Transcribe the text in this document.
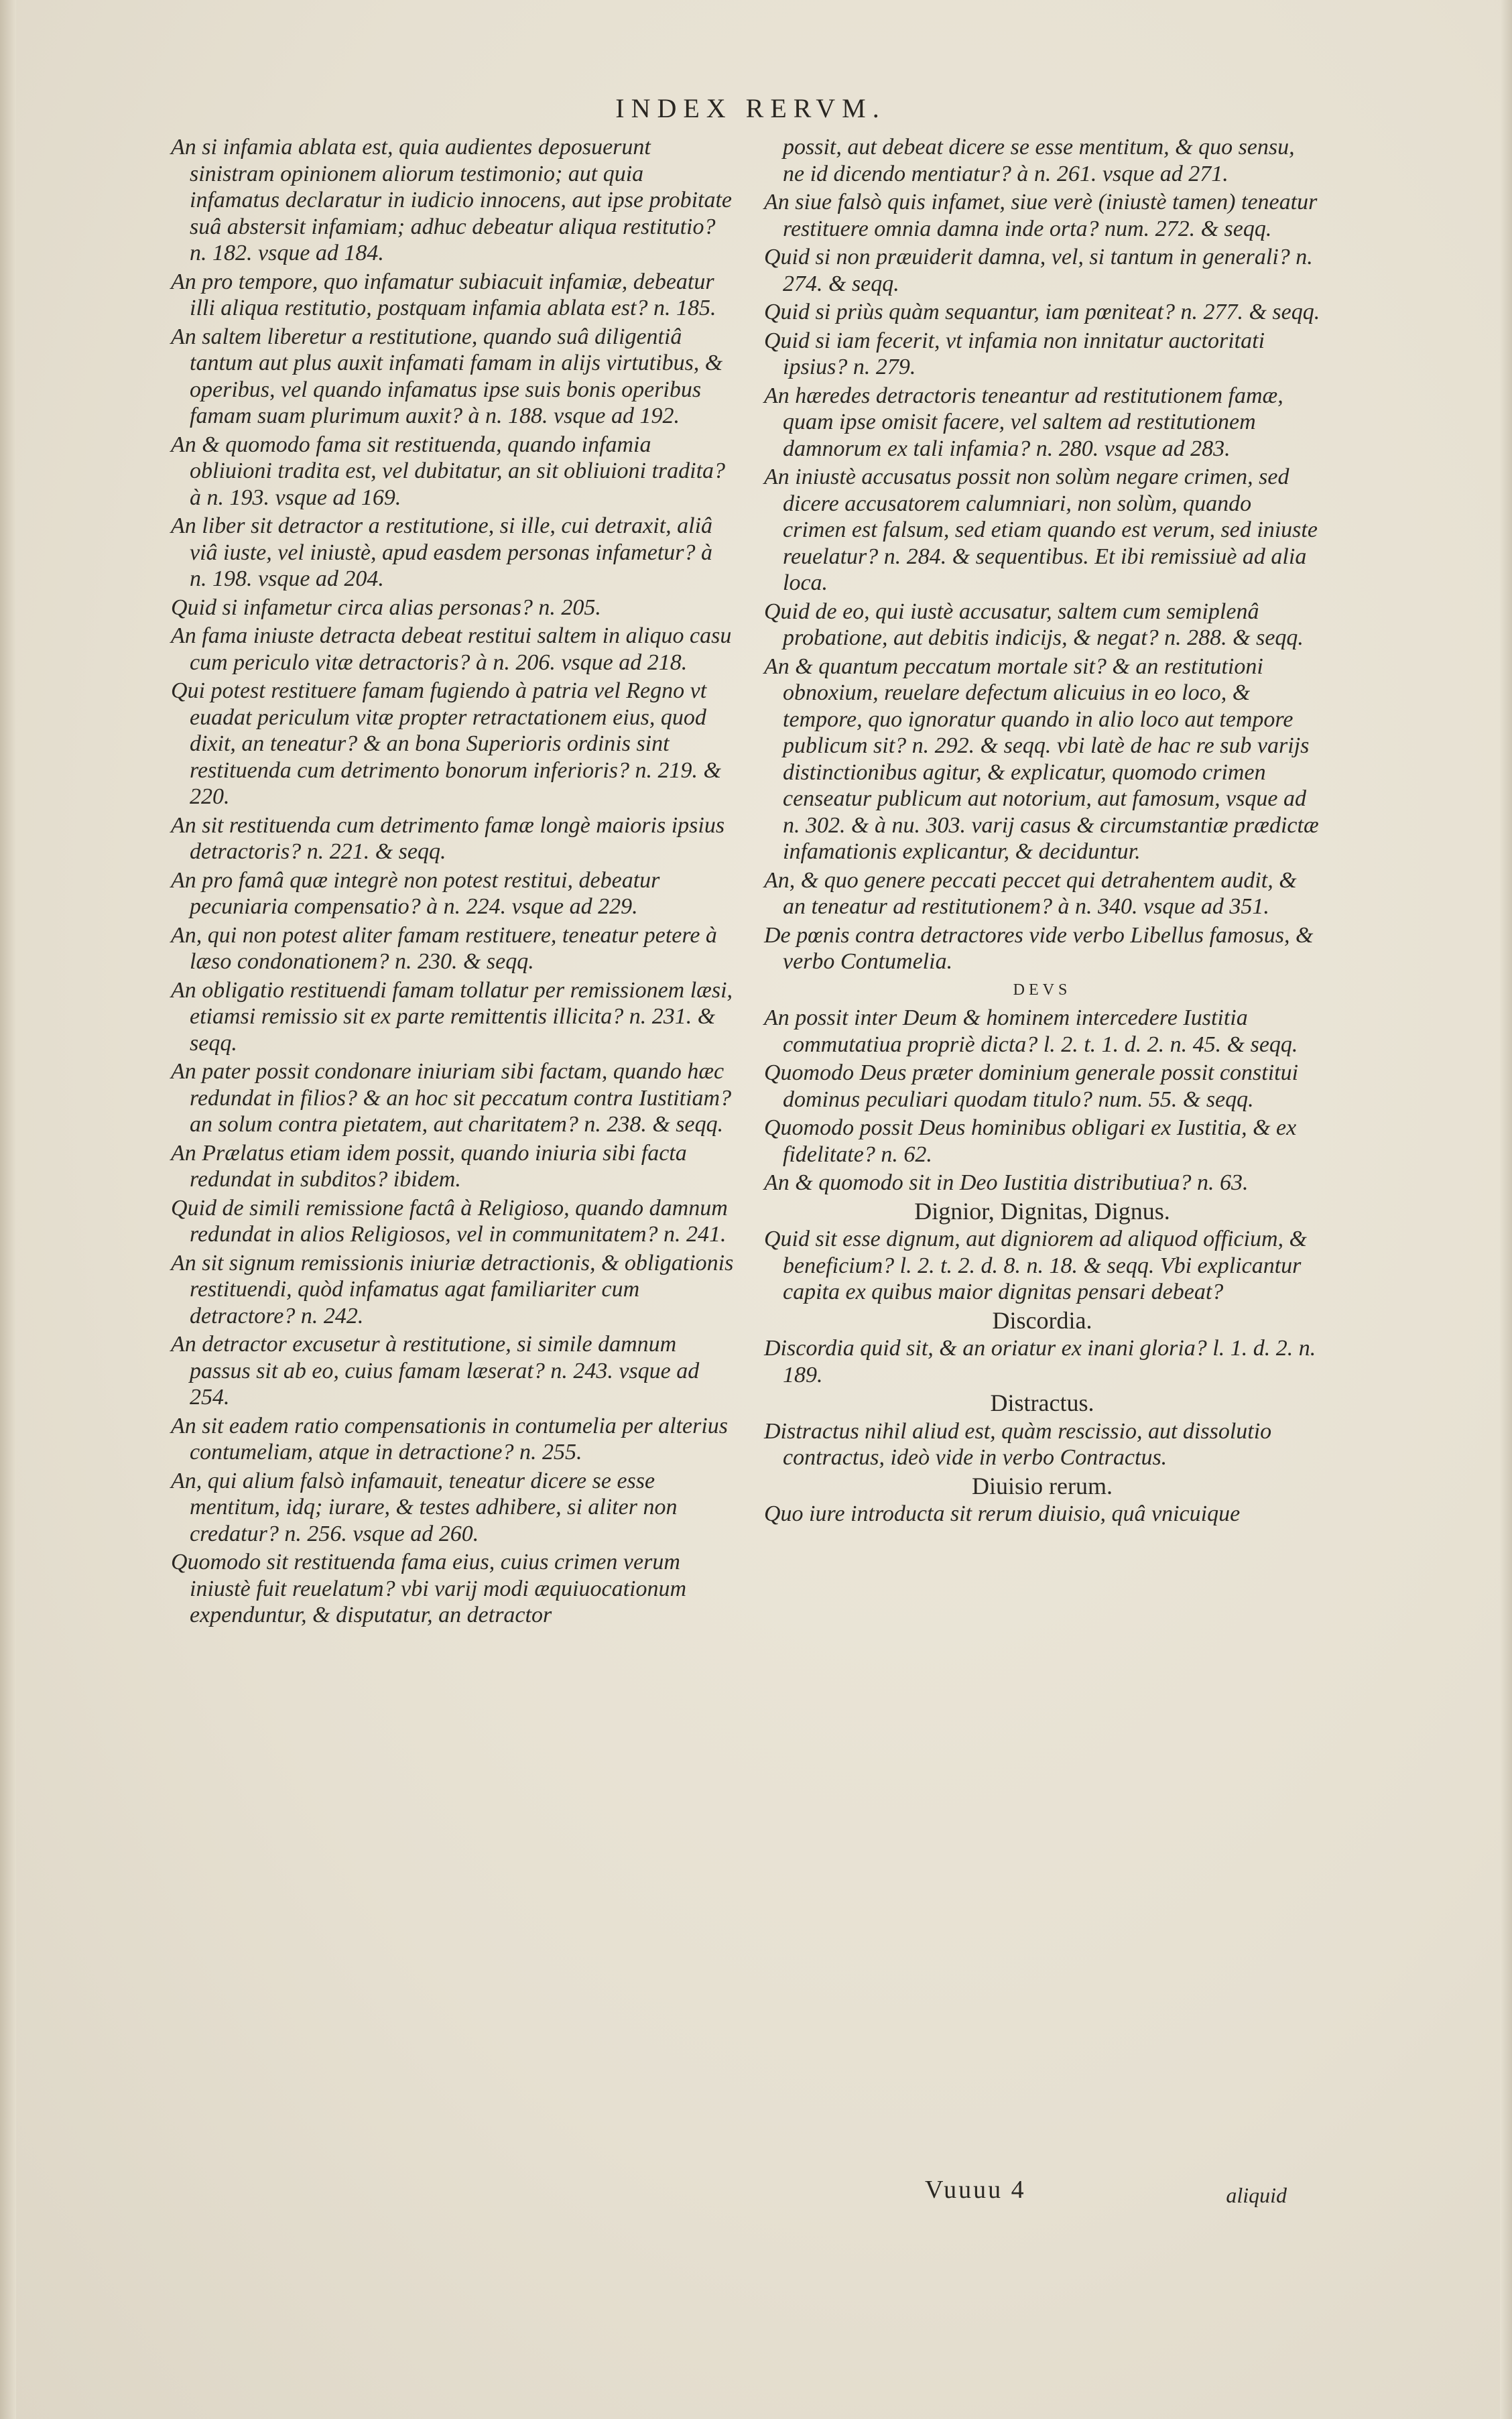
INDEX RERVM.
An si infamia ablata est, quia audientes deposuerunt sinistram opinionem aliorum testimonio; aut quia infamatus declaratur in iudicio innocens, aut ipse probitate suâ abstersit infamiam; adhuc debeatur aliqua restitutio? n. 182. vsque ad 184.
An pro tempore, quo infamatur subiacuit infamiæ, debeatur illi aliqua restitutio, postquam infamia ablata est? n. 185.
An saltem liberetur a restitutione, quando suâ diligentiâ tantum aut plus auxit infamati famam in alijs virtutibus, & operibus, vel quando infamatus ipse suis bonis operibus famam suam plurimum auxit? à n. 188. vsque ad 192.
An & quomodo fama sit restituenda, quando infamia obliuioni tradita est, vel dubitatur, an sit obliuioni tradita? à n. 193. vsque ad 169.
An liber sit detractor a restitutione, si ille, cui detraxit, aliâ viâ iuste, vel iniustè, apud easdem personas infametur? à n. 198. vsque ad 204.
Quid si infametur circa alias personas? n. 205.
An fama iniuste detracta debeat restitui saltem in aliquo casu cum periculo vitæ detractoris? à n. 206. vsque ad 218.
Qui potest restituere famam fugiendo à patria vel Regno vt euadat periculum vitæ propter retractationem eius, quod dixit, an teneatur? & an bona Superioris ordinis sint restituenda cum detrimento bonorum inferioris? n. 219. & 220.
An sit restituenda cum detrimento famæ longè maioris ipsius detractoris? n. 221. & seqq.
An pro famâ quæ integrè non potest restitui, debeatur pecuniaria compensatio? à n. 224. vsque ad 229.
An, qui non potest aliter famam restituere, teneatur petere à læso condonationem? n. 230. & seqq.
An obligatio restituendi famam tollatur per remissionem læsi, etiamsi remissio sit ex parte remittentis illicita? n. 231. & seqq.
An pater possit condonare iniuriam sibi factam, quando hæc redundat in filios? & an hoc sit peccatum contra Iustitiam? an solum contra pietatem, aut charitatem? n. 238. & seqq.
An Prælatus etiam idem possit, quando iniuria sibi facta redundat in subditos? ibidem.
Quid de simili remissione factâ à Religioso, quando damnum redundat in alios Religiosos, vel in communitatem? n. 241.
An sit signum remissionis iniuriæ detractionis, & obligationis restituendi, quòd infamatus agat familiariter cum detractore? n. 242.
An detractor excusetur à restitutione, si simile damnum passus sit ab eo, cuius famam læserat? n. 243. vsque ad 254.
An sit eadem ratio compensationis in contumelia per alterius contumeliam, atque in detractione? n. 255.
An, qui alium falsò infamauit, teneatur dicere se esse mentitum, idq; iurare, & testes adhibere, si aliter non credatur? n. 256. vsque ad 260.
Quomodo sit restituenda fama eius, cuius crimen verum iniustè fuit reuelatum? vbi varij modi æquiuocationum expenduntur, & disputatur, an detractor
possit, aut debeat dicere se esse mentitum, & quo sensu, ne id dicendo mentiatur? à n. 261. vsque ad 271.
An siue falsò quis infamet, siue verè (iniustè tamen) teneatur restituere omnia damna inde orta? num. 272. & seqq.
Quid si non præuiderit damna, vel, si tantum in generali? n. 274. & seqq.
Quid si priùs quàm sequantur, iam pœniteat? n. 277. & seqq.
Quid si iam fecerit, vt infamia non innitatur auctoritati ipsius? n. 279.
An hæredes detractoris teneantur ad restitutionem famæ, quam ipse omisit facere, vel saltem ad restitutionem damnorum ex tali infamia? n. 280. vsque ad 283.
An iniustè accusatus possit non solùm negare crimen, sed dicere accusatorem calumniari, non solùm, quando crimen est falsum, sed etiam quando est verum, sed iniuste reuelatur? n. 284. & sequentibus. Et ibi remissiuè ad alia loca.
Quid de eo, qui iustè accusatur, saltem cum semiplenâ probatione, aut debitis indicijs, & negat? n. 288. & seqq.
An & quantum peccatum mortale sit? & an restitutioni obnoxium, reuelare defectum alicuius in eo loco, & tempore, quo ignoratur quando in alio loco aut tempore publicum sit? n. 292. & seqq. vbi latè de hac re sub varijs distinctionibus agitur, & explicatur, quomodo crimen censeatur publicum aut notorium, aut famosum, vsque ad n. 302. & à nu. 303. varij casus & circumstantiæ prædictæ infamationis explicantur, & deciduntur.
An, & quo genere peccati peccet qui detrahentem audit, & an teneatur ad restitutionem? à n. 340. vsque ad 351.
De pœnis contra detractores vide verbo Libellus famosus, & verbo Contumelia.
DEVS
An possit inter Deum & hominem intercedere Iustitia commutatiua propriè dicta? l. 2. t. 1. d. 2. n. 45. & seqq.
Quomodo Deus præter dominium generale possit constitui dominus peculiari quodam titulo? num. 55. & seqq.
Quomodo possit Deus hominibus obligari ex Iustitia, & ex fidelitate? n. 62.
An & quomodo sit in Deo Iustitia distributiua? n. 63.
Dignior, Dignitas, Dignus.
Quid sit esse dignum, aut digniorem ad aliquod officium, & beneficium? l. 2. t. 2. d. 8. n. 18. & seqq. Vbi explicantur capita ex quibus maior dignitas pensari debeat?
Discordia.
Discordia quid sit, & an oriatur ex inani gloria? l. 1. d. 2. n. 189.
Distractus.
Distractus nihil aliud est, quàm rescissio, aut dissolutio contractus, ideò vide in verbo Contractus.
Diuisio rerum.
Quo iure introducta sit rerum diuisio, quâ vnicuique
Vuuuu 4	aliquid
